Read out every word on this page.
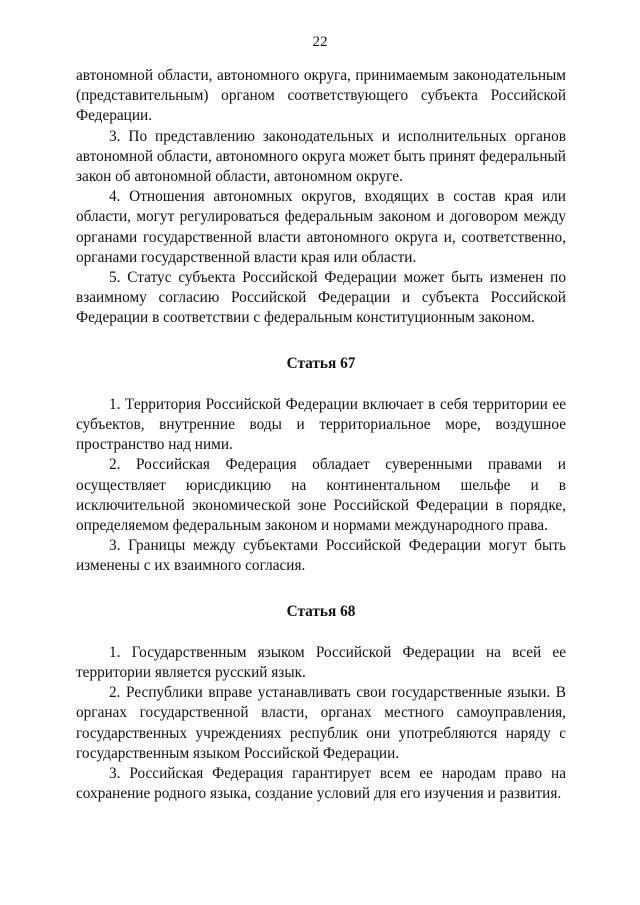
22

автономной области, автономного округа, принимаемым законодательным (представительным) органом соответствующего субъекта Российской Федерации.

3. По представлению законодательных и исполнительных органов автономной области, автономного округа может быть принят федеральный закон об автономной области, автономном округе.

4. Отношения автономных округов, входящих в состав края или области, могут регулироваться федеральным законом и договором между органами государственной власти автономного округа и, соответственно, органами государственной власти края или области.

5. Статус субъекта Российской Федерации может быть изменен по взаимному согласию Российской Федерации и субъекта Российской Федерации в соответствии с федеральным конституционным законом.

Статья 67

1. Территория Российской Федерации включает в себя территории ее субъектов, внутренние воды и территориальное море, воздушное пространство над ними.

2. Российская Федерация обладает суверенными правами и осуществляет юрисдикцию на континентальном шельфе и в исключительной экономической зоне Российской Федерации в порядке, определяемом федеральным законом и нормами международного права.

3. Границы между субъектами Российской Федерации могут быть изменены с их взаимного согласия.

Статья 68

1. Государственным языком Российской Федерации на всей ее территории является русский язык.

2. Республики вправе устанавливать свои государственные языки. В органах государственной власти, органах местного самоуправления, государственных учреждениях республик они употребляются наряду с государственным языком Российской Федерации.

3. Российская Федерация гарантирует всем ее народам право на сохранение родного языка, создание условий для его изучения и развития.
